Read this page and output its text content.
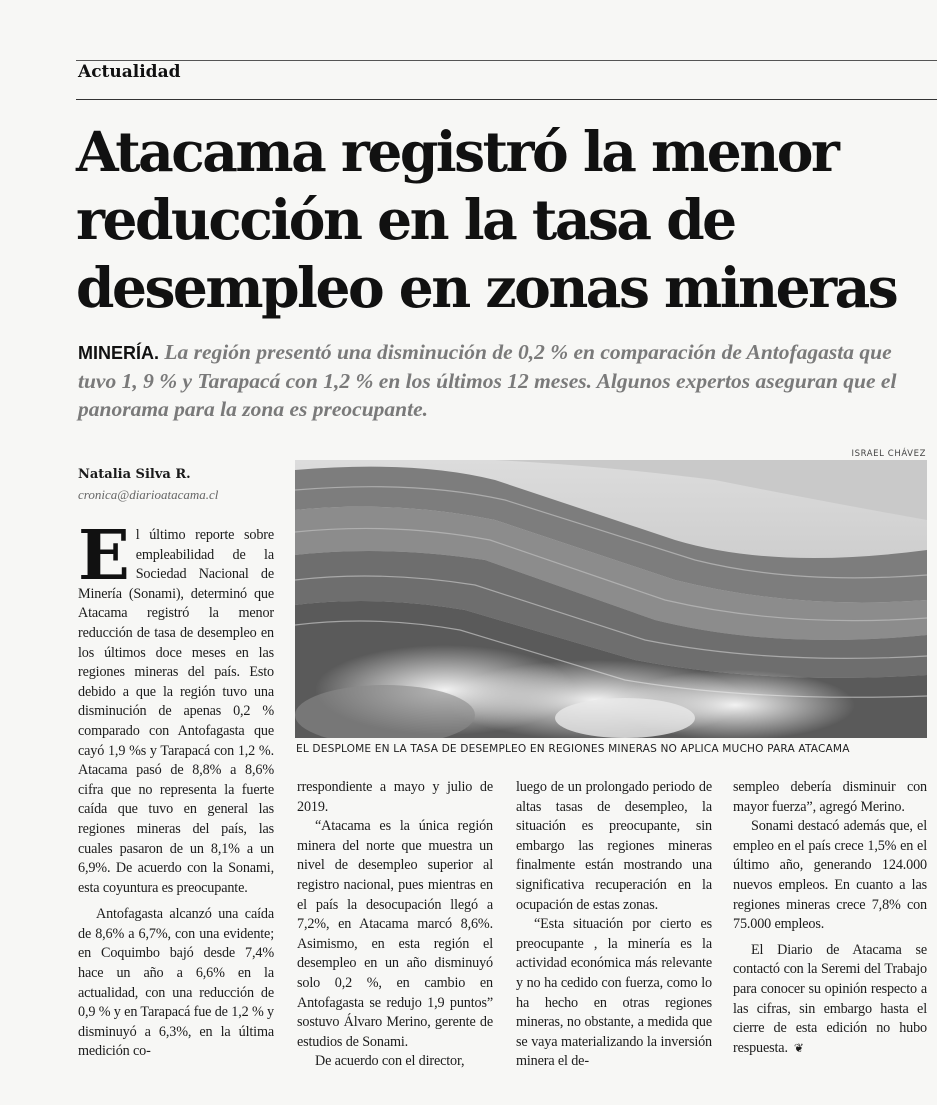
Actualidad
Atacama registró la menor
reducción en la tasa de
desempleo en zonas mineras
MINERÍA. La región presentó una disminución de 0,2 % en comparación de Antofagasta que tuvo 1, 9 % y Tarapacá con 1,2 % en los últimos 12 meses. Algunos expertos aseguran que el panorama para la zona es preocupante.
Natalia Silva R.
cronica@diarioatacama.cl
ISRAEL CHÁVEZ
EL DESPLOME EN LA TASA DE DESEMPLEO EN REGIONES MINERAS NO APLICA MUCHO PARA ATACAMA

El último reporte sobre empleabilidad de la Sociedad Nacional de Minería (Sonami), determinó que Atacama registró la menor reducción de tasa de desempleo en los últimos doce meses en las regiones mineras del país. Esto debido a que la región tuvo una disminución de apenas 0,2 % comparado con Antofagasta que cayó 1,9 %s y Tarapacá con 1,2 %. Atacama pasó de 8,8% a 8,6% cifra que no representa la fuerte caída que tuvo en general las regiones mineras del país, las cuales pasaron de un 8,1% a un 6,9%. De acuerdo con la Sonami, esta coyuntura es preocupante.

Antofagasta alcanzó una caída de 8,6% a 6,7%, con una evidente; en Coquimbo bajó desde 7,4% hace un año a 6,6% en la actualidad, con una reducción de 0,9 % y en Tarapacá fue de 1,2 % y disminuyó a 6,3%, en la última medición co-

rrespondiente a mayo y julio de 2019.

“Atacama es la única región minera del norte que muestra un nivel de desempleo superior al registro nacional, pues mientras en el país la desocupación llegó a 7,2%, en Atacama marcó 8,6%. Asimismo, en esta región el desempleo en un año disminuyó solo 0,2 %, en cambio en Antofagasta se redujo 1,9 puntos” sostuvo Álvaro Merino, gerente de estudios de Sonami.

De acuerdo con el director,

luego de un prolongado periodo de altas tasas de desempleo, la situación es preocupante, sin embargo las regiones mineras finalmente están mostrando una significativa recuperación en la ocupación de estas zonas.

“Esta situación por cierto es preocupante , la minería es la actividad económica más relevante y no ha cedido con fuerza, como lo ha hecho en otras regiones mineras, no obstante, a medida que se vaya materializando la inversión minera el de-

sempleo debería disminuir con mayor fuerza”, agregó Merino.

Sonami destacó además que, el empleo en el país crece 1,5% en el último año, generando 124.000 nuevos empleos. En cuanto a las regiones mineras crece 7,8% con 75.000 empleos.

El Diario de Atacama se contactó con la Seremi del Trabajo para conocer su opinión respecto a las cifras, sin embargo hasta el cierre de esta edición no hubo respuesta. ❦
